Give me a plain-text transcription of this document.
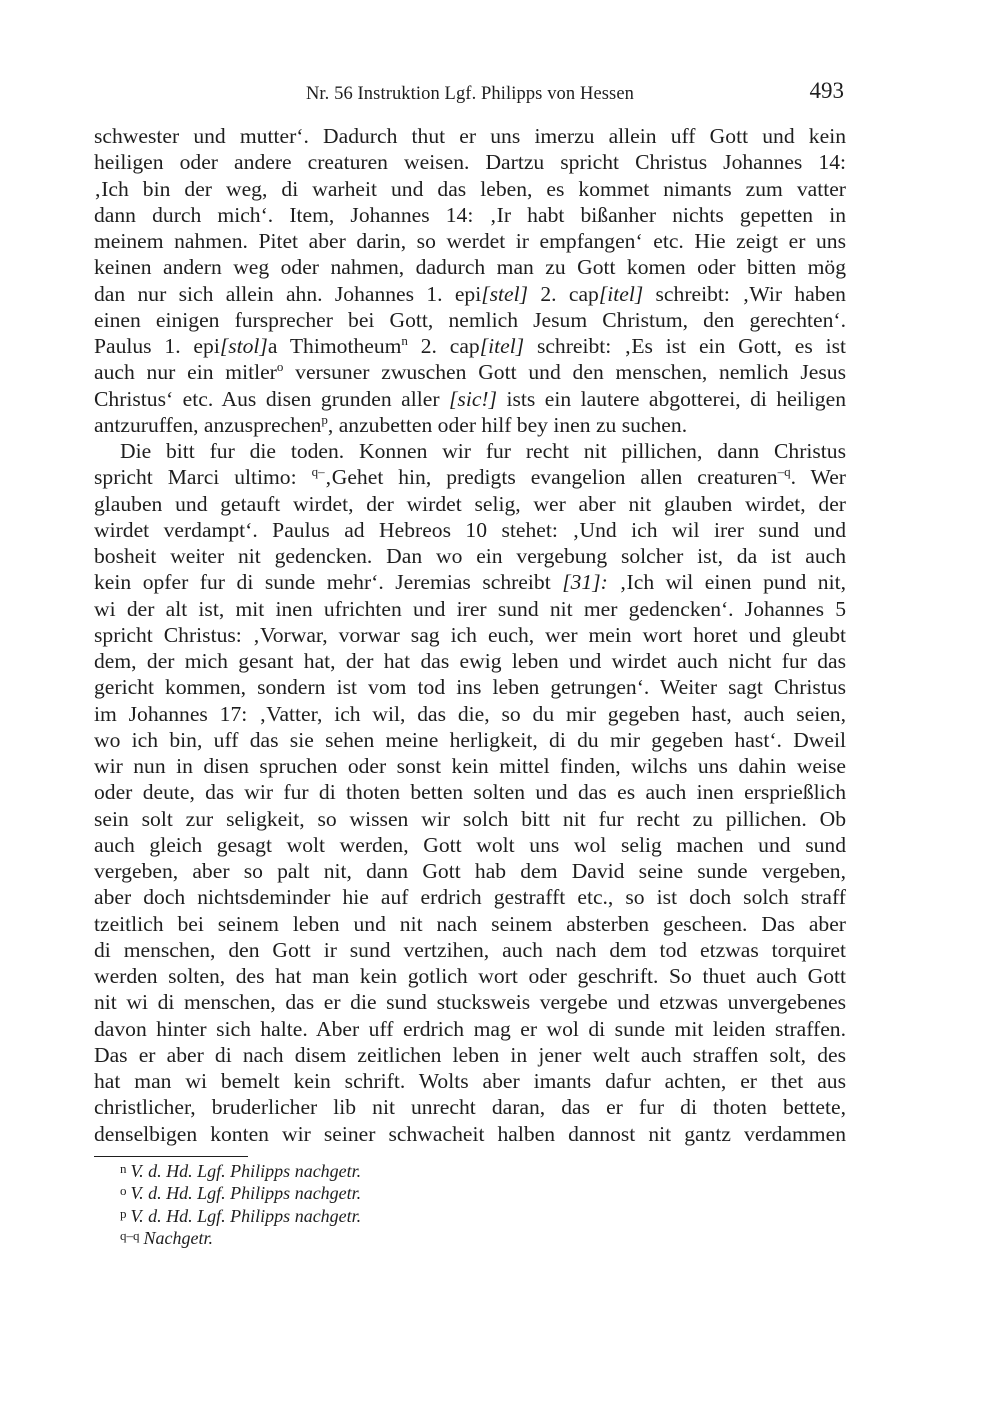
Nr. 56 Instruktion Lgf. Philipps von Hessen	493
schwester und mutter‘. Dadurch thut er uns imerzu allein uff Gott und kein
heiligen oder andere creaturen weisen. Dartzu spricht Christus Johannes 14:
‚Ich bin der weg, di warheit und das leben, es kommet nimants zum vatter
dann durch mich‘. Item, Johannes 14: ‚Ir habt bißanher nichts gepetten in
meinem nahmen. Pitet aber darin, so werdet ir empfangen‘ etc. Hie zeigt er uns
keinen andern weg oder nahmen, dadurch man zu Gott komen oder bitten mög
dan nur sich allein ahn. Johannes 1. epi[stel] 2. cap[itel] schreibt: ‚Wir haben
einen einigen fursprecher bei Gott, nemlich Jesum Christum, den gerechten‘.
Paulus 1. epi[stol]a Thimotheum$^n$ 2. cap[itel] schreibt: ‚Es ist ein Gott, es ist
auch nur ein mitler$^o$ versuner zwuschen Gott und den menschen, nemlich Jesus
Christus‘ etc. Aus disen grunden aller [sic!] ists ein lautere abgotterei, di heiligen
antzuruffen, anzusprechen$^p$, anzubetten oder hilf bey inen zu suchen.
Die bitt fur die toden. Konnen wir fur recht nit pillichen, dann Christus
spricht Marci ultimo: $^{q-}$‚Gehet hin, predigts evangelion allen creaturen$^{-q}$. Wer
glauben und getauft wirdet, der wirdet selig, wer aber nit glauben wirdet, der
wirdet verdampt‘. Paulus ad Hebreos 10 stehet: ‚Und ich wil irer sund und
bosheit weiter nit gedencken. Dan wo ein vergebung solcher ist, da ist auch
kein opfer fur di sunde mehr‘. Jeremias schreibt [31]: ‚Ich wil einen pund nit,
wi der alt ist, mit inen ufrichten und irer sund nit mer gedencken‘. Johannes 5
spricht Christus: ‚Vorwar, vorwar sag ich euch, wer mein wort horet und gleubt
dem, der mich gesant hat, der hat das ewig leben und wirdet auch nicht fur das
gericht kommen, sondern ist vom tod ins leben getrungen‘. Weiter sagt Christus
im Johannes 17: ‚Vatter, ich wil, das die, so du mir gegeben hast, auch seien,
wo ich bin, uff das sie sehen meine herligkeit, di du mir gegeben hast‘. Dweil
wir nun in disen spruchen oder sonst kein mittel finden, wilchs uns dahin weise
oder deute, das wir fur di thoten betten solten und das es auch inen ersprießlich
sein solt zur seligkeit, so wissen wir solch bitt nit fur recht zu pillichen. Ob
auch gleich gesagt wolt werden, Gott wolt uns wol selig machen und sund
vergeben, aber so palt nit, dann Gott hab dem David seine sunde vergeben,
aber doch nichtsdeminder hie auf erdrich gestrafft etc., so ist doch solch straff
tzeitlich bei seinem leben und nit nach seinem absterben gescheen. Das aber
di menschen, den Gott ir sund vertzihen, auch nach dem tod etzwas torquiret
werden solten, des hat man kein gotlich wort oder geschrift. So thuet auch Gott
nit wi di menschen, das er die sund stucksweis vergebe und etzwas unvergebenes
davon hinter sich halte. Aber uff erdrich mag er wol di sunde mit leiden straffen.
Das er aber di nach disem zeitlichen leben in jener welt auch straffen solt, des
hat man wi bemelt kein schrift. Wolts aber imants dafur achten, er thet aus
christlicher, bruderlicher lib nit unrecht daran, das er fur di thoten bettete,
denselbigen konten wir seiner schwacheit halben dannost nit gantz verdammen
$^n$ V. d. Hd. Lgf. Philipps nachgetr.
$^o$ V. d. Hd. Lgf. Philipps nachgetr.
$^p$ V. d. Hd. Lgf. Philipps nachgetr.
$^{q-q}$ Nachgetr.
